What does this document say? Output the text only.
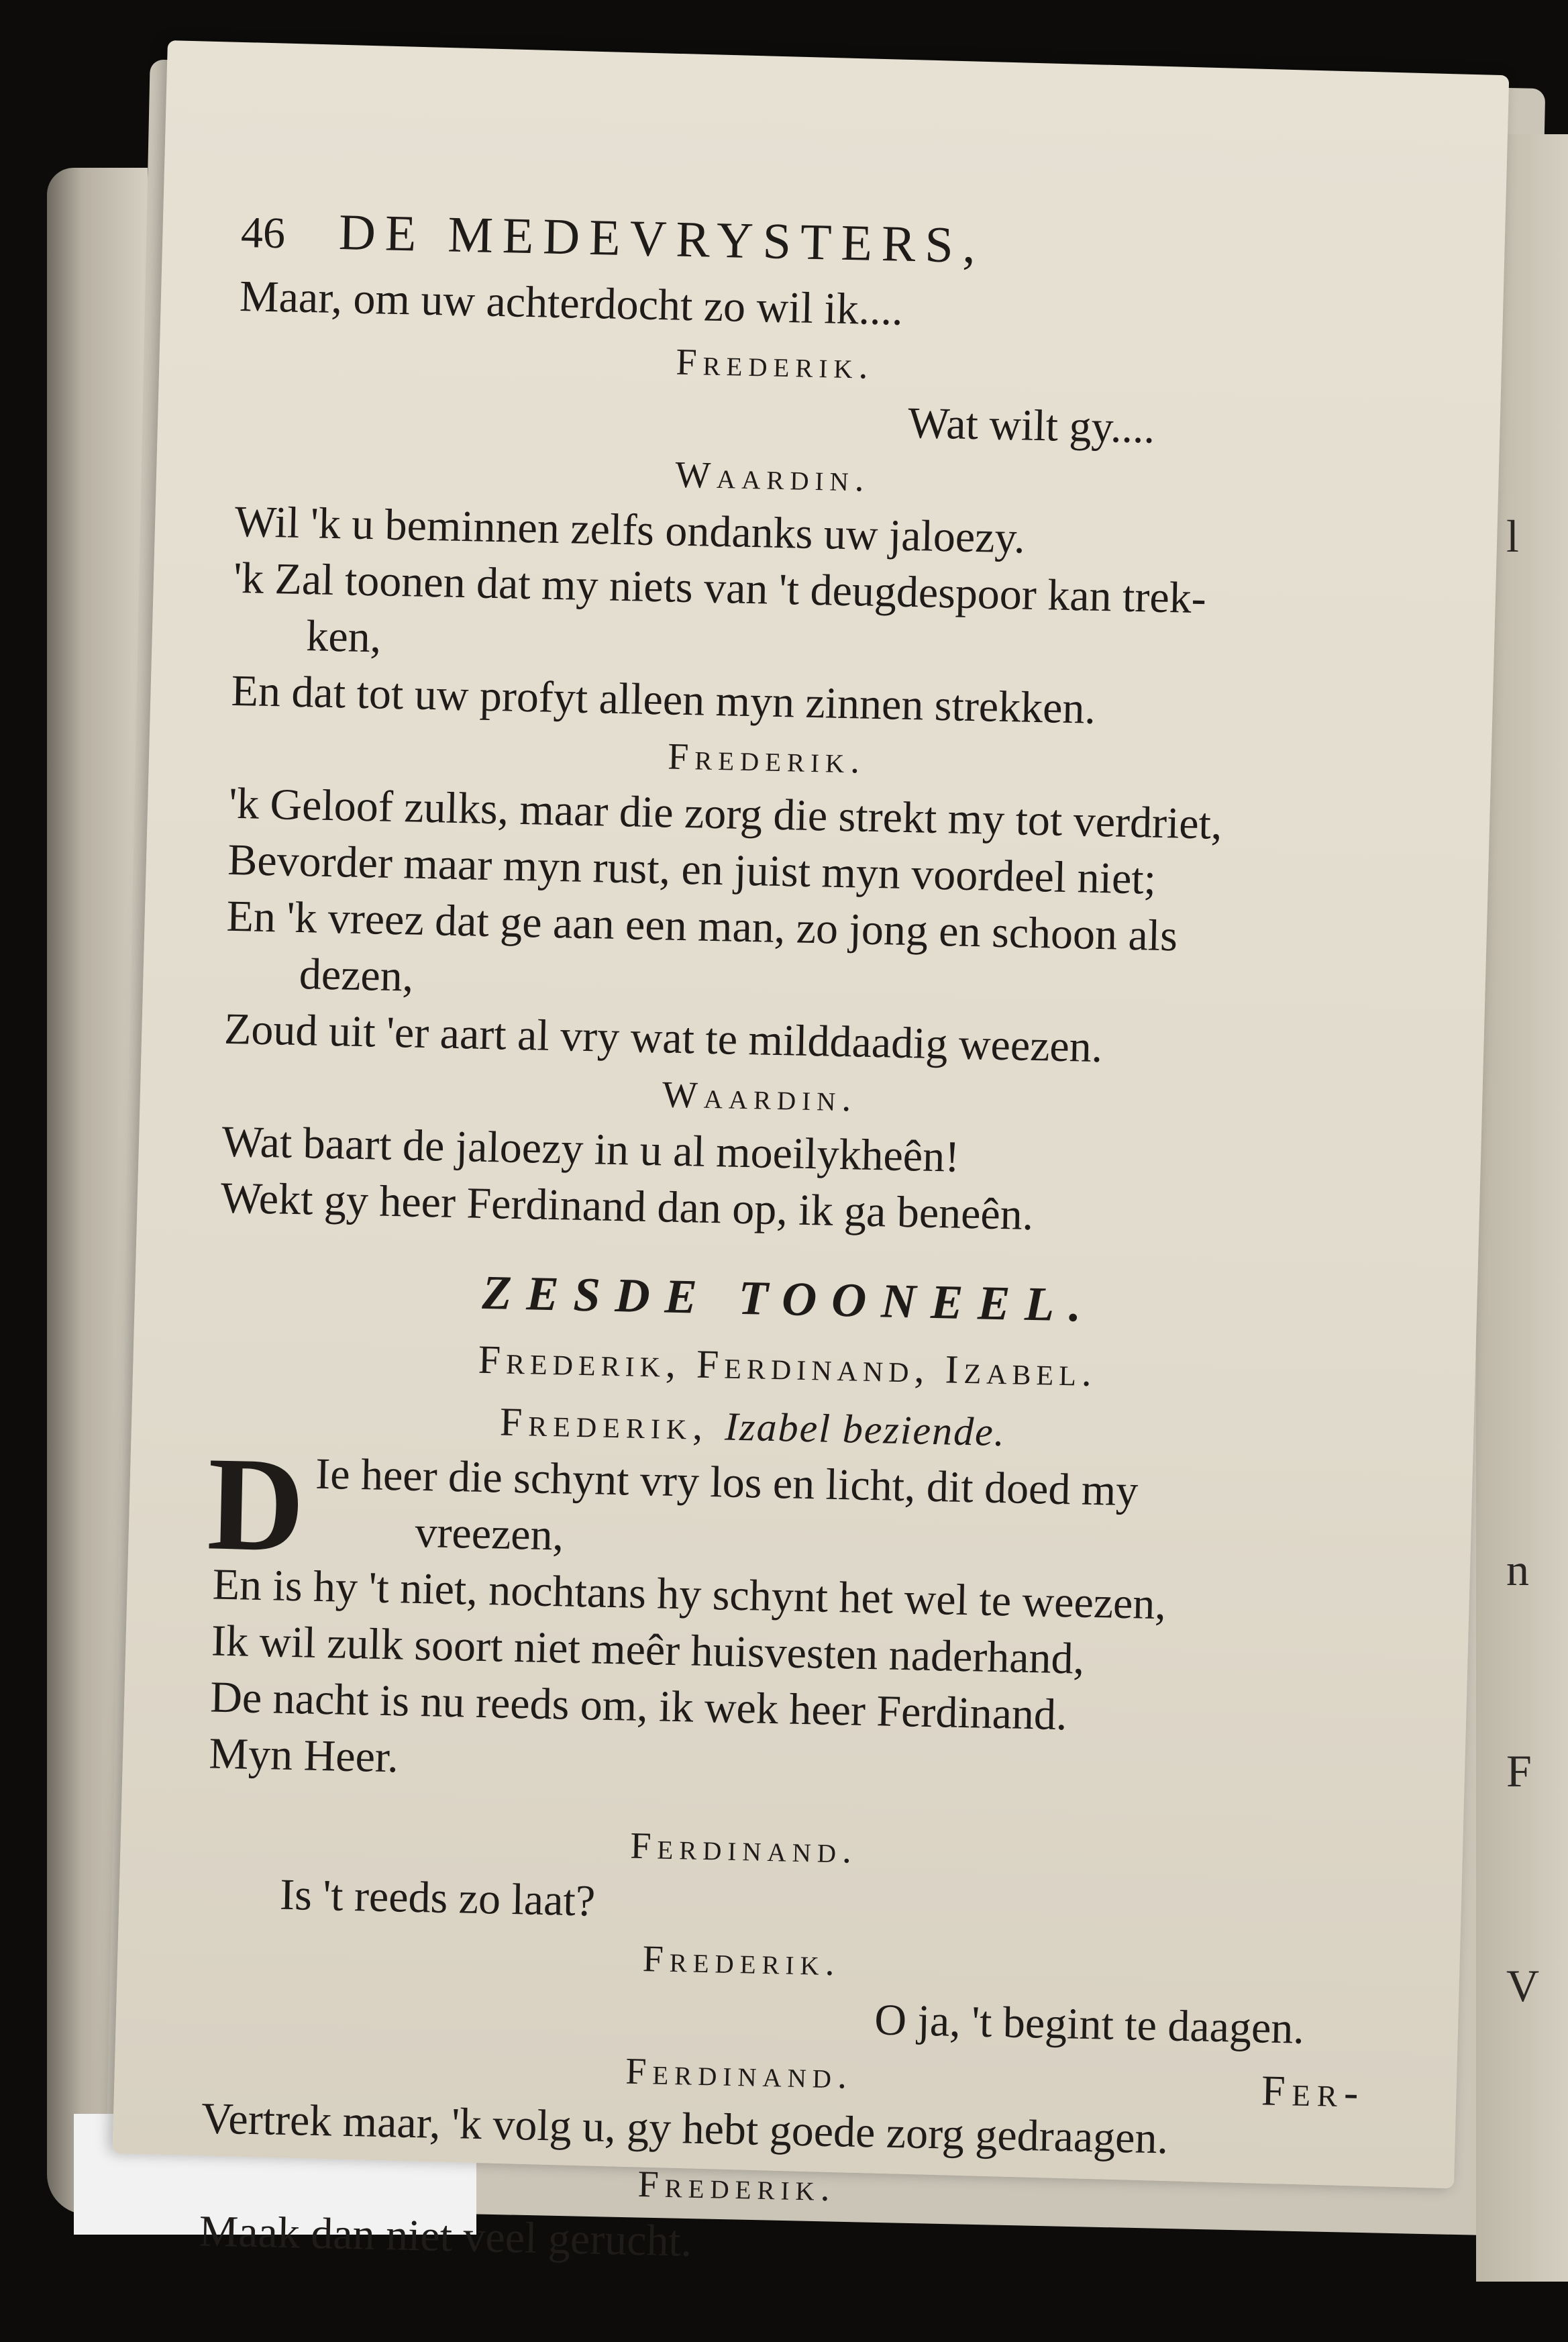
l
n
F
V
46 DE MEDEVRYSTERS,
Maar, om uw achterdocht zo wil ik....
Frederik.
Wat wilt gy....
Waardin.
Wil 'k u beminnen zelfs ondanks uw jaloezy.
'k Zal toonen dat my niets van 't deugdespoor kan trek-
ken,
En dat tot uw profyt alleen myn zinnen strekken.
Frederik.
'k Geloof zulks, maar die zorg die strekt my tot verdriet,
Bevorder maar myn rust, en juist myn voordeel niet;
En 'k vreez dat ge aan een man, zo jong en schoon als
dezen,
Zoud uit 'er aart al vry wat te milddaadig weezen.
Waardin.
Wat baart de jaloezy in u al moeilykheên!
Wekt gy heer Ferdinand dan op, ik ga beneên.
ZESDE TOONEEL.
Frederik, Ferdinand, Izabel.
Frederik, Izabel beziende.
D Ie heer die schynt vry los en licht, dit doed my
vreezen,
En is hy 't niet, nochtans hy schynt het wel te weezen,
Ik wil zulk soort niet meêr huisvesten naderhand,
De nacht is nu reeds om, ik wek heer Ferdinand.
Myn Heer.
Ferdinand.
Is 't reeds zo laat?
Frederik.
O ja, 't begint te daagen.
Ferdinand.
Vertrek maar, 'k volg u, gy hebt goede zorg gedraagen.
Frederik.
Maak dan niet veel gerucht.
Fer-
